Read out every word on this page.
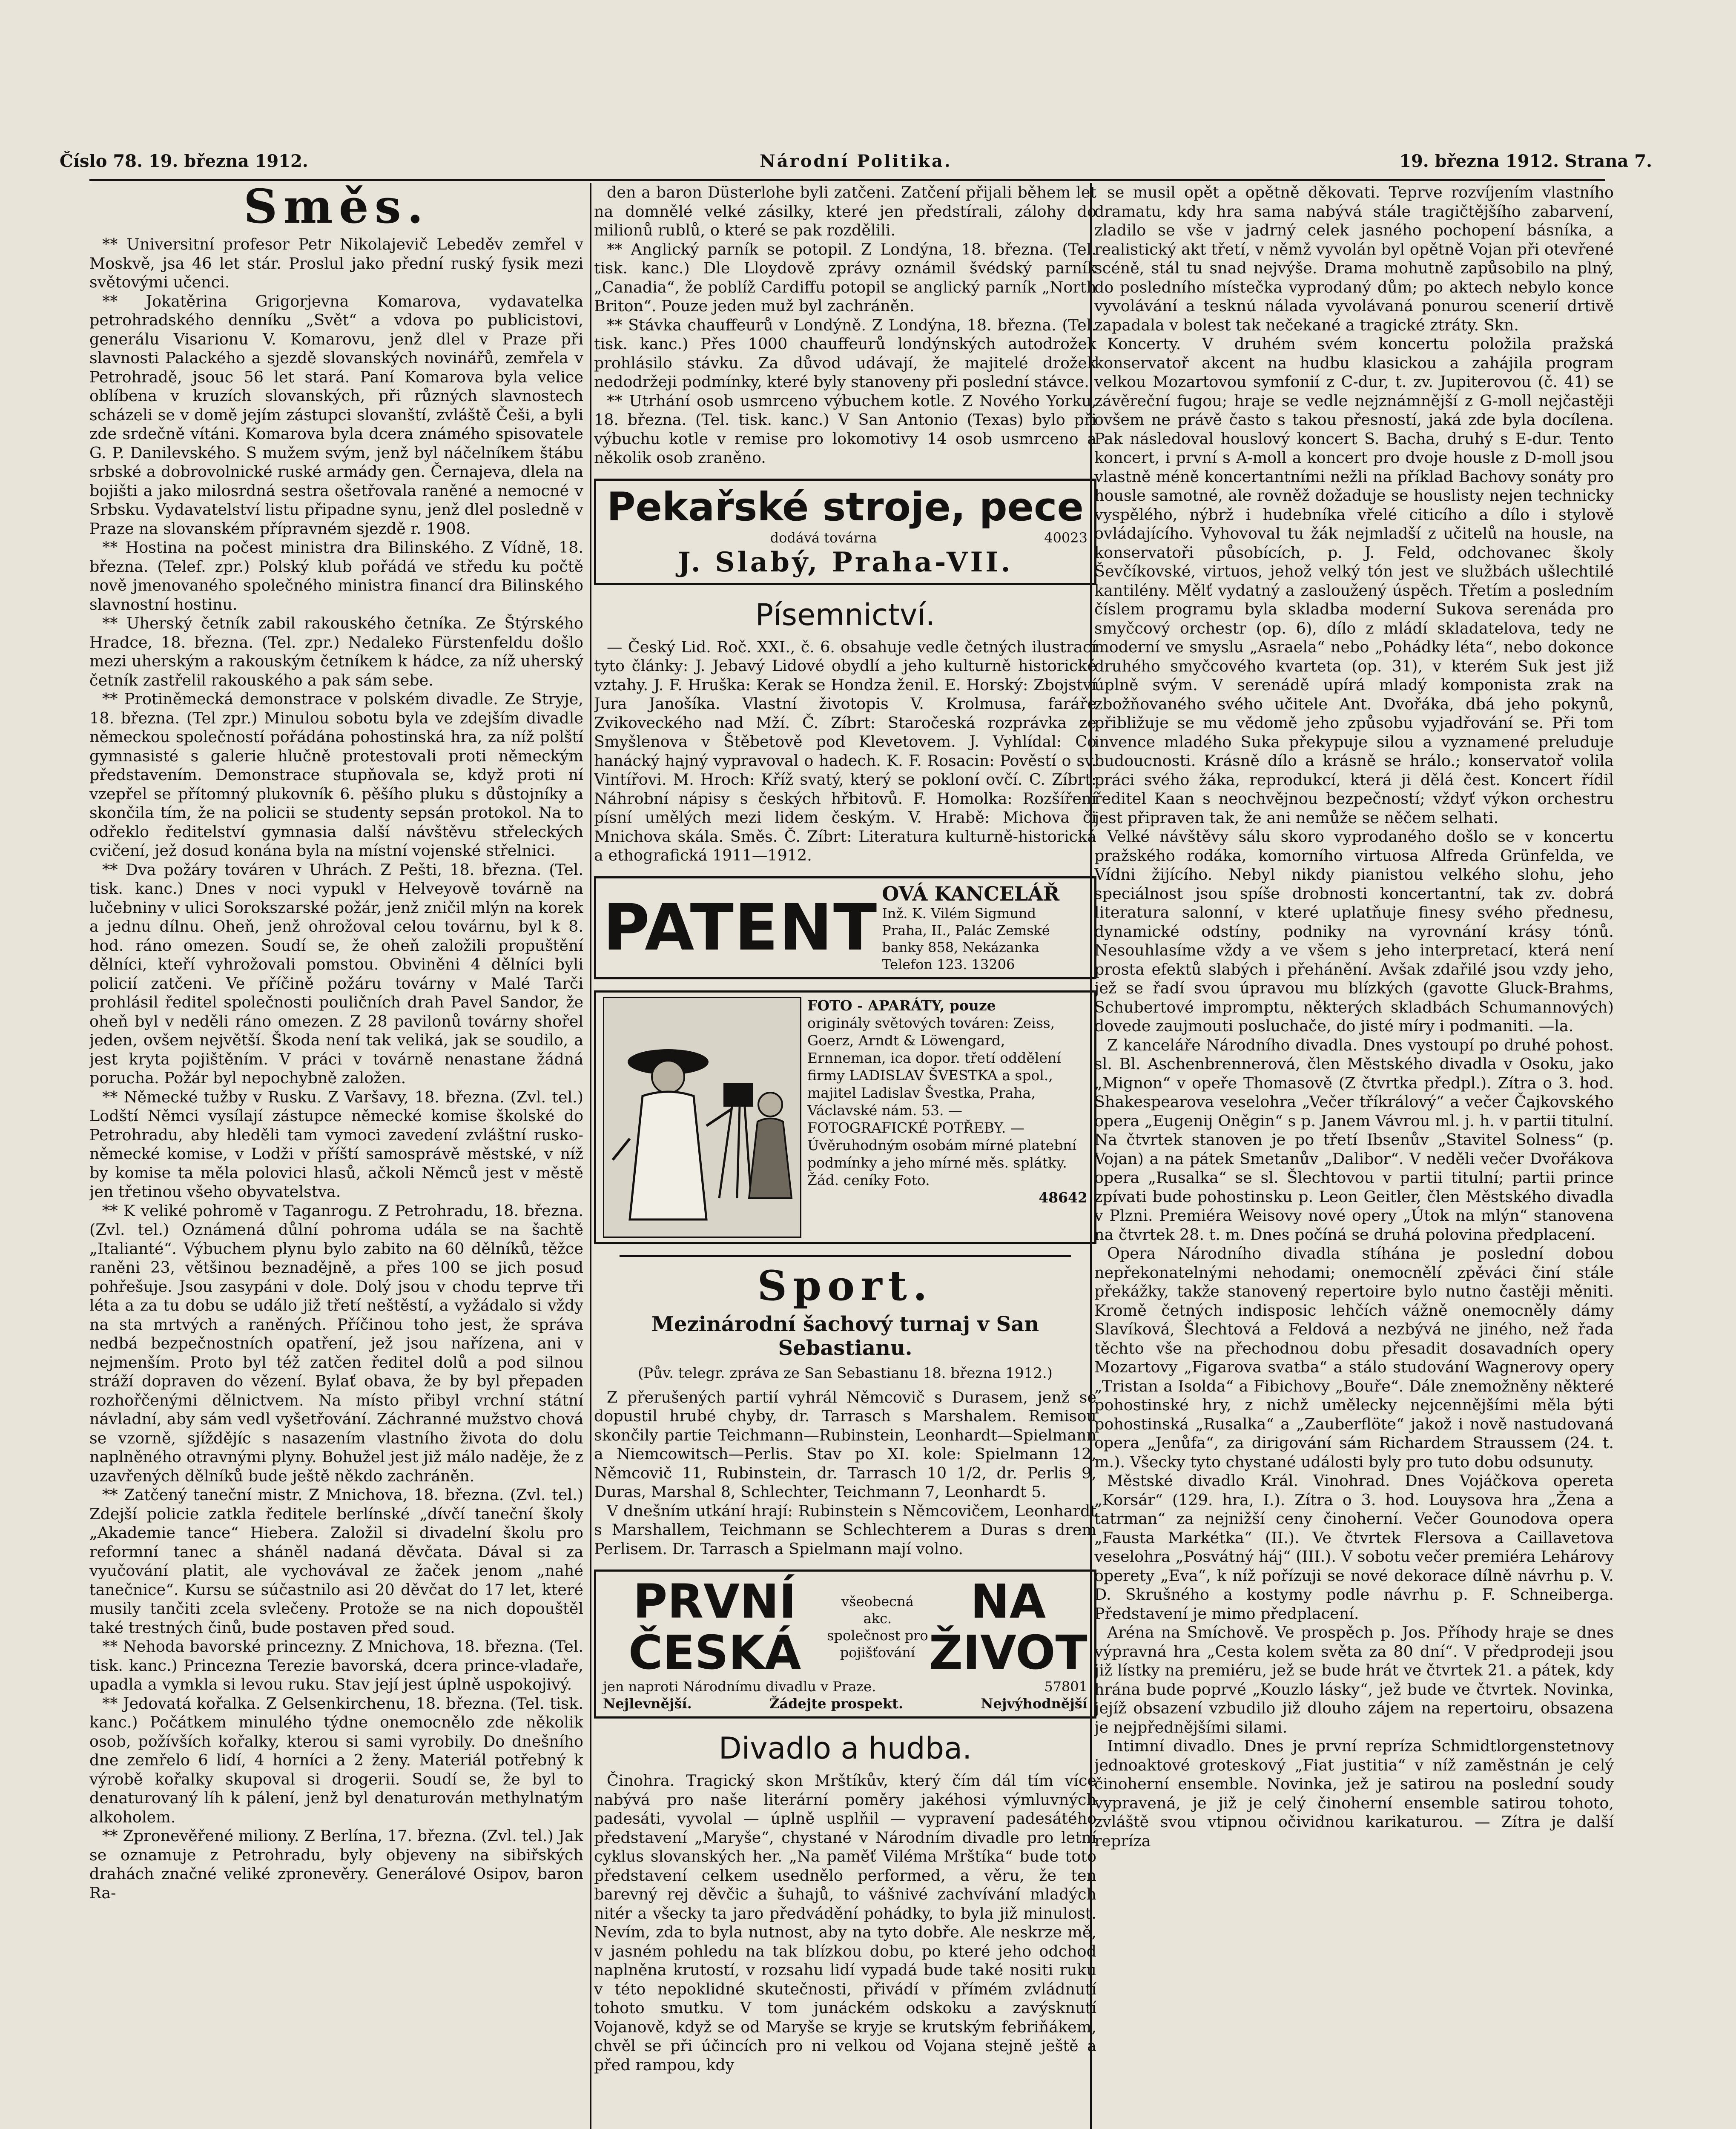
Číslo 78. 19. března 1912.	Národní Politika.	19. března 1912. Strana 7.
Směs.

** Universitní profesor Petr Nikolajevič Lebeděv zemřel v Moskvě, jsa 46 let stár. Proslul jako přední ruský fysik mezi světovými učenci.

** Jokatěrina Grigorjevna Komarova, vydavatelka petrohradského denníku „Svět“ a vdova po publicistovi, generálu Visarionu V. Komarovu, jenž dlel v Praze při slavnosti Palackého a sjezdě slovanských novinářů, zemřela v Petrohradě, jsouc 56 let stará. Paní Komarova byla velice oblíbena v kruzích slovanských, při různých slavnostech scházeli se v domě jejím zástupci slovanští, zvláště Češi, a byli zde srdečně vítáni. Komarova byla dcera známého spisovatele G. P. Danilevského. S mužem svým, jenž byl náčelníkem štábu srbské a dobrovolnické ruské armády gen. Černajeva, dlela na bojišti a jako milosrdná sestra ošetřovala raněné a nemocné v Srbsku. Vydavatelství listu připadne synu, jenž dlel posledně v Praze na slovanském přípravném sjezdě r. 1908.

** Hostina na počest ministra dra Bilinského. Z Vídně, 18. března. (Telef. zpr.) Polský klub pořádá ve středu ku počtě nově jmenovaného společného ministra financí dra Bilinského slavnostní hostinu.

** Uherský četník zabil rakouského četníka. Ze Štýrského Hradce, 18. března. (Tel. zpr.) Nedaleko Fürstenfeldu došlo mezi uherským a rakouským četníkem k hádce, za níž uherský četník zastřelil rakouského a pak sám sebe.

** Protiněmecká demonstrace v polském divadle. Ze Stryje, 18. března. (Tel zpr.) Minulou sobotu byla ve zdejším divadle německou společností pořádána pohostinská hra, za níž polští gymnasisté s galerie hlučně protestovali proti německým představením. Demonstrace stupňovala se, když proti ní vzepřel se přítomný plukovník 6. pěšího pluku s důstojníky a skončila tím, že na policii se studenty sepsán protokol. Na to odřeklo ředitelství gymnasia další návštěvu střeleckých cvičení, jež dosud konána byla na místní vojenské střelnici.

** Dva požáry továren v Uhrách. Z Pešti, 18. března. (Tel. tisk. kanc.) Dnes v noci vypukl v Helveyově továrně na lučebniny v ulici Sorokszarské požár, jenž zničil mlýn na korek a jednu dílnu. Oheň, jenž ohrožoval celou továrnu, byl k 8. hod. ráno omezen. Soudí se, že oheň založili propuštění dělníci, kteří vyhrožovali pomstou. Obviněni 4 dělníci byli policií zatčeni. Ve příčině požáru továrny v Malé Tarči prohlásil ředitel společnosti pouličních drah Pavel Sandor, že oheň byl v neděli ráno omezen. Z 28 pavilonů továrny shořel jeden, ovšem největší. Škoda není tak veliká, jak se soudilo, a jest kryta pojištěním. V práci v továrně nenastane žádná porucha. Požár byl nepochybně založen.

** Německé tužby v Rusku. Z Varšavy, 18. března. (Zvl. tel.) Lodští Němci vysílají zástupce německé komise školské do Petrohradu, aby hleděli tam vymoci zavedení zvláštní rusko-německé komise, v Lodži v příští samosprávě městské, v níž by komise ta měla polovici hlasů, ačkoli Němců jest v městě jen třetinou všeho obyvatelstva.

** K veliké pohromě v Taganrogu. Z Petrohradu, 18. března. (Zvl. tel.) Oznámená důlní pohroma udála se na šachtě „Italianté“. Výbuchem plynu bylo zabito na 60 dělníků, těžce raněni 23, většinou beznadějně, a přes 100 se jich posud pohřešuje. Jsou zasypáni v dole. Dolý jsou v chodu teprve tři léta a za tu dobu se událo již třetí neštěstí, a vyžádalo si vždy na sta mrtvých a raněných. Příčinou toho jest, že správa nedbá bezpečnostních opatření, jež jsou nařízena, ani v nejmenším. Proto byl též zatčen ředitel dolů a pod silnou stráží dopraven do vězení. Bylať obava, že by byl přepaden rozhořčenými dělnictvem. Na místo přibyl vrchní státní návladní, aby sám vedl vyšetřování. Záchranné mužstvo chová se vzorně, sjíždějíc s nasazením vlastního života do dolu naplněného otravnými plyny. Bohužel jest již málo naděje, že z uzavřených dělníků bude ještě někdo zachráněn.

** Zatčený taneční mistr. Z Mnichova, 18. března. (Zvl. tel.) Zdejší policie zatkla ředitele berlínské „dívčí taneční školy „Akademie tance“ Hiebera. Založil si divadelní školu pro reformní tanec a sháněl nadaná děvčata. Dával si za vyučování platit, ale vychovával ze žaček jenom „nahé tanečnice“. Kursu se súčastnilo asi 20 děvčat do 17 let, které musily tančiti zcela svlečeny. Protože se na nich dopouštěl také trestných činů, bude postaven před soud.

** Nehoda bavorské princezny. Z Mnichova, 18. března. (Tel. tisk. kanc.) Princezna Terezie bavorská, dcera prince-vladaře, upadla a vymkla si levou ruku. Stav její jest úplně uspokojivý.

** Jedovatá kořalka. Z Gelsenkirchenu, 18. března. (Tel. tisk. kanc.) Počátkem minulého týdne onemocnělo zde několik osob, požívších kořalky, kterou si sami vyrobily. Do dnešního dne zemřelo 6 lidí, 4 horníci a 2 ženy. Materiál potřebný k výrobě kořalky skupoval si drogerii. Soudí se, že byl to denaturovaný líh k pálení, jenž byl denaturován methylnatým alkoholem.

** Zpronevěřené miliony. Z Berlína, 17. března. (Zvl. tel.) Jak se oznamuje z Petrohradu, byly objeveny na sibiřských drahách značné veliké zpronevěry. Generálové Osipov, baron Ra-

den a baron Düsterlohe byli zatčeni. Zatčení přijali během let na domnělé velké zásilky, které jen předstírali, zálohy do milionů rublů, o které se pak rozdělili.

** Anglický parník se potopil. Z Londýna, 18. března. (Tel. tisk. kanc.) Dle Lloydově zprávy oznámil švédský parník „Canadia“, že poblíž Cardiffu potopil se anglický parník „North Briton“. Pouze jeden muž byl zachráněn.

** Stávka chauffeurů v Londýně. Z Londýna, 18. března. (Tel. tisk. kanc.) Přes 1000 chauffeurů londýnských autodrožek prohlásilo stávku. Za důvod udávají, že majitelé drožek nedodržeji podmínky, které byly stanoveny při poslední stávce.

** Utrhání osob usmrceno výbuchem kotle. Z Nového Yorku, 18. března. (Tel. tisk. kanc.) V San Antonio (Texas) bylo při výbuchu kotle v remise pro lokomotivy 14 osob usmrceno a několik osob zraněno.

Pekařské stroje, pece
dodává továrna	40023
J. Slabý, Praha-VII.
Písemnictví.

— Český Lid. Roč. XXI., č. 6. obsahuje vedle četných ilustrací tyto články: J. Jebavý Lidové obydlí a jeho kulturně historické vztahy. J. F. Hruška: Kerak se Hondza ženil. E. Horský: Zbojství Jura Janošíka. Vlastní životopis V. Krolmusa, faráře Zvikoveckého nad Mží. Č. Zíbrt: Staročeská rozprávka ze Smyšlenova v Štěbetově pod Klevetovem. J. Vyhlídal: Co hanácký hajný vypravoval o hadech. K. F. Rosacin: Pověstí o sv. Vintířovi. M. Hroch: Kříž svatý, který se pokloní ovčí. C. Zíbrt: Náhrobní nápisy s českých hřbitovů. F. Homolka: Rozšíření písní umělých mezi lidem českým. V. Hrabě: Michova či Mnichova skála. Směs. Č. Zíbrt: Literatura kulturně-historická a ethografická 1911—1912.

PATENT OVÁ KANCELÁŘ
Inž. K. Vilém Sigmund
Praha, II., Palác Zemské
banky 858, Nekázanka
Telefon 123. 13206
FOTO - APARÁTY, pouze
originály světových továren: Zeiss, Goerz, Arndt & Löwengard, Ernneman, ica dopor. třetí oddělení firmy LADISLAV ŠVESTKA a spol., majitel Ladislav Švestka, Praha, Václavské nám. 53. — FOTOGRAFICKÉ POTŘEBY. — Úvěruhodným osobám mírné platební podmínky a jeho mírné měs. splátky. Žád. ceníky Foto.
48642
Sport.
Mezinárodní šachový turnaj v San Sebastianu.
(Pův. telegr. zpráva ze San Sebastianu 18. března 1912.)

Z přerušených partií vyhrál Němcovič s Durasem, jenž se dopustil hrubé chyby, dr. Tarrasch s Marshalem. Remisou skončily partie Teichmann—Rubinstein, Leonhardt—Spielmann a Niemcowitsch—Perlis. Stav po XI. kole: Spielmann 12, Němcovič 11, Rubinstein, dr. Tarrasch 10 1/2, dr. Perlis 9, Duras, Marshal 8, Schlechter, Teichmann 7, Leonhardt 5.

V dnešním utkání hrají: Rubinstein s Němcovičem, Leonhardt s Marshallem, Teichmann se Schlechterem a Duras s drem Perlisem. Dr. Tarrasch a Spielmann mají volno.

PRVNÍ ČESKÁ
všeobecná akc. společnost pro pojišťování
NA ŽIVOT
jen naproti Národnímu divadlu v Praze.	57801
Nejlevnější.	Žádejte prospekt.	Nejvýhodnější
Divadlo a hudba.

Činohra. Tragický skon Mrštíkův, který čím dál tím více nabývá pro naše literární poměry jakéhosi výmluvných padesáti, vyvolal — úplně usplňil — vypravení padesátého představení „Maryše“, chystané v Národním divadle pro letní cyklus slovanských her. „Na paměť Viléma Mrštíka“ bude toto představení celkem usednělo performed, a věru, že ten barevný rej děvčic a šuhajů, to vášnivé zachvívání mladých nitér a všecky ta jaro předvádění pohádky, to byla již minulost. Nevím, zda to byla nutnost, aby na tyto dobře. Ale neskrze mě, v jasném pohledu na tak blízkou dobu, po které jeho odchod naplněna krutostí, v rozsahu lidí vypadá bude také nositi ruku v této nepoklidné skutečnosti, přivádí v přímém zvládnutí tohoto smutku. V tom junáckém odskoku a zavýsknutí Vojanově, když se od Maryše se kryje se krutským febriňákem, chvěl se při účincích pro ni velkou od Vojana stejně ještě a před rampou, kdy

se musil opět a opětně děkovati. Teprve rozvíjením vlastního dramatu, kdy hra sama nabývá stále tragičtějšího zabarvení, zladilo se vše v jadrný celek jasného pochopení básníka, a realistický akt třetí, v němž vyvolán byl opětně Vojan při otevřené scéně, stál tu snad nejvýše. Drama mohutně zapůsobilo na plný, do posledního místečka vyprodaný dům; po aktech nebylo konce vyvolávání a tesknú nálada vyvolávaná ponurou scenerií drtivě zapadala v bolest tak nečekané a tragické ztráty. Skn.

Koncerty. V druhém svém koncertu položila pražská konservatoř akcent na hudbu klasickou a zahájila program velkou Mozartovou symfonií z C-dur, t. zv. Jupiterovou (č. 41) se závěreční fugou; hraje se vedle nejznámnější z G-moll nejčastěji ovšem ne právě často s takou přesností, jaká zde byla docílena. Pak následoval houslový koncert S. Bacha, druhý s E-dur. Tento koncert, i první s A-moll a koncert pro dvoje housle z D-moll jsou vlastně méně koncertantními nežli na příklad Bachovy sonáty pro housle samotné, ale rovněž dožaduje se houslisty nejen technicky vyspělého, nýbrž i hudebníka vřelé citicího a dílo i stylově ovládajícího. Vyhovoval tu žák nejmladší z učitelů na housle, na konservatoři působících, p. J. Feld, odchovanec školy Ševčíkovské, virtuos, jehož velký tón jest ve službách ušlechtilé kantilény. Mělť vydatný a zasloužený úspěch. Třetím a posledním číslem programu byla skladba moderní Sukova serenáda pro smyčcový orchestr (op. 6), dílo z mládí skladatelova, tedy ne moderní ve smyslu „Asraela“ nebo „Pohádky léta“, nebo dokonce druhého smyčcového kvarteta (op. 31), v kterém Suk jest již úplně svým. V serenádě upírá mladý komponista zrak na zbožňovaného svého učitele Ant. Dvořáka, dbá jeho pokynů, přibližuje se mu vědomě jeho způsobu vyjadřování se. Při tom invence mladého Suka překypuje silou a vyznamené preluduje budoucnosti. Krásně dílo a krásně se hrálo.; konservatoř volila práci svého žáka, reprodukcí, která ji dělá čest. Koncert řídil ředitel Kaan s neochvějnou bezpečností; vždyť výkon orchestru jest připraven tak, že ani nemůže se něčem selhati.

Velké návštěvy sálu skoro vyprodaného došlo se v koncertu pražského rodáka, komorního virtuosa Alfreda Grünfelda, ve Vídni žijícího. Nebyl nikdy pianistou velkého slohu, jeho speciálnost jsou spíše drobnosti koncertantní, tak zv. dobrá literatura salonní, v které uplatňuje finesy svého přednesu, dynamické odstíny, podniky na vyrovnání krásy tónů. Nesouhlasíme vždy a ve všem s jeho interpretací, která není prosta efektů slabých i přehánění. Avšak zdařilé jsou vzdy jeho, jež se řadí svou úpravou mu blízkých (gavotte Gluck-Brahms, Schubertové impromptu, některých skladbách Schumannových) dovede zaujmouti posluchače, do jisté míry i podmaniti. —la.

Z kanceláře Národního divadla. Dnes vystoupí po druhé pohost. sl. Bl. Aschenbrennerová, člen Městského divadla v Osoku, jako „Mignon“ v opeře Thomasově (Z čtvrtka předpl.). Zítra o 3. hod. Shakespearova veselohra „Večer tříkrálový“ a večer Čajkovského opera „Eugenij Oněgin“ s p. Janem Vávrou ml. j. h. v partii titulní. Na čtvrtek stanoven je po třetí Ibsenův „Stavitel Solness“ (p. Vojan) a na pátek Smetanův „Dalibor“. V neděli večer Dvořákova opera „Rusalka“ se sl. Šlechtovou v partii titulní; partii prince zpívati bude pohostinsku p. Leon Geitler, člen Městského divadla v Plzni. Premiéra Weisovy nové opery „Útok na mlýn“ stanovena na čtvrtek 28. t. m. Dnes počíná se druhá polovina předplacení.

Opera Národního divadla stíhána je poslední dobou nepřekonatelnými nehodami; onemocnělí zpěváci činí stále překážky, takže stanovený repertoire bylo nutno častěji měniti. Kromě četných indisposic lehčích vážně onemocněly dámy Slavíková, Šlechtová a Feldová a nezbývá ne jiného, než řada těchto vše na přechodnou dobu přesadit dosavadních opery Mozartovy „Figarova svatba“ a stálo studování Wagnerovy opery „Tristan a Isolda“ a Fibichovy „Bouře“. Dále znemožněny některé pohostinské hry, z nichž umělecky nejcennějšími měla býti pohostinská „Rusalka“ a „Zauberflöte“ jakož i nově nastudovaná opera „Jenůfa“, za dirigování sám Richardem Straussem (24. t. m.). Všecky tyto chystané události byly pro tuto dobu odsunuty.

Městské divadlo Král. Vinohrad. Dnes Vojáčkova opereta „Korsár“ (129. hra, I.). Zítra o 3. hod. Louysova hra „Žena a tatrman“ za nejnižší ceny činoherní. Večer Gounodova opera „Fausta Markétka“ (II.). Ve čtvrtek Flersova a Caillavetova veselohra „Posvátný háj“ (III.). V sobotu večer premiéra Lehárovy operety „Eva“, k níž pořízuji se nové dekorace dílně návrhu p. V. D. Skrušného a kostymy podle návrhu p. F. Schneiberga. Představení je mimo předplacení.

Aréna na Smíchově. Ve prospěch p. Jos. Příhody hraje se dnes výpravná hra „Cesta kolem světa za 80 dní“. V předprodeji jsou již lístky na premiéru, jež se bude hrát ve čtvrtek 21. a pátek, kdy hrána bude poprvé „Kouzlo lásky“, jež bude ve čtvrtek. Novinka, jejíž obsazení vzbudilo již dlouho zájem na repertoiru, obsazena je nejpřednějšími silami.

Intimní divadlo. Dnes je první repríza Schmidtlorgenstetnovy jednoaktové groteskový „Fiat justitia“ v níž zaměstnán je celý činoherní ensemble. Novinka, jež je satirou na poslední soudy vypravená, je již je celý činoherní ensemble satirou tohoto, zvláště svou vtipnou očividnou karikaturou. — Zítra je další repríza
